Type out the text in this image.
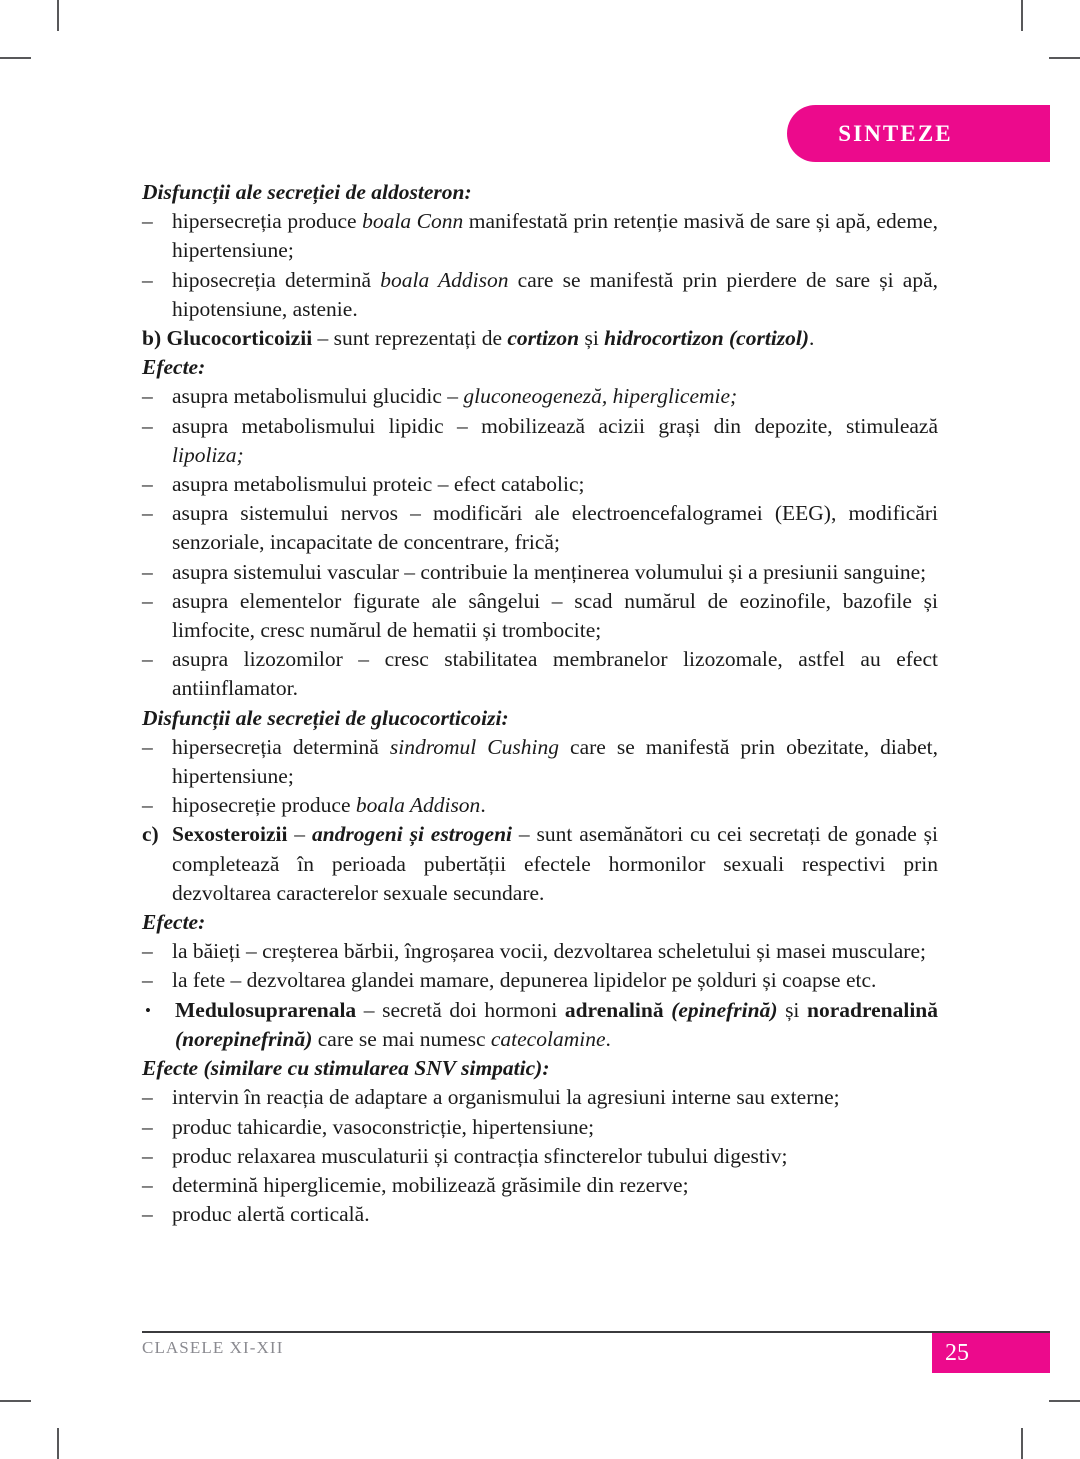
SINTEZE

Disfuncții ale secreției de aldosteron:

– hipersecreția produce boala Conn manifestată prin retenție masivă de sare și apă, edeme, hipertensiune;
– hiposecreția determină boala Addison care se manifestă prin pierdere de sare și apă, hipotensiune, astenie.

b) Glucocorticoizii – sunt reprezentați de cortizon și hidrocortizon (cortizol).

Efecte:

– asupra metabolismului glucidic – gluconeogeneză, hiperglicemie;
– asupra metabolismului lipidic – mobilizează acizii grași din depozite, stimulează lipoliza;
– asupra metabolismului proteic – efect catabolic;
– asupra sistemului nervos – modificări ale electroencefalogramei (EEG), modificări senzoriale, incapacitate de concentrare, frică;
– asupra sistemului vascular – contribuie la menținerea volumului și a presiunii sanguine;
– asupra elementelor figurate ale sângelui – scad numărul de eozinofile, bazofile și limfocite, cresc numărul de hematii și trombocite;
– asupra lizozomilor – cresc stabilitatea membranelor lizozomale, astfel au efect antiinflamator.

Disfuncții ale secreției de glucocorticoizi:

– hipersecreția determină sindromul Cushing care se manifestă prin obezitate, diabet, hipertensiune;
– hiposecreție produce boala Addison.
c) Sexosteroizii – androgeni și estrogeni – sunt asemănători cu cei secretați de gonade și completează în perioada pubertății efectele hormonilor sexuali respectivi prin dezvoltarea caracterelor sexuale secundare.

Efecte:

– la băieți – creșterea bărbii, îngroșarea vocii, dezvoltarea scheletului și masei musculare;
– la fete – dezvoltarea glandei mamare, depunerea lipidelor pe șolduri și coapse etc.
•	Medulosuprarenala – secretă doi hormoni adrenalină (epinefrină) și noradrenalină (norepinefrină) care se mai numesc catecolamine.

Efecte (similare cu stimularea SNV simpatic):

– intervin în reacția de adaptare a organismului la agresiuni interne sau externe;
– produc tahicardie, vasoconstricție, hipertensiune;
– produc relaxarea musculaturii și contracția sfincterelor tubului digestiv;
– determină hiperglicemie, mobilizează grăsimile din rezerve;
– produc alertă corticală.
CLASELE XI-XII	25
